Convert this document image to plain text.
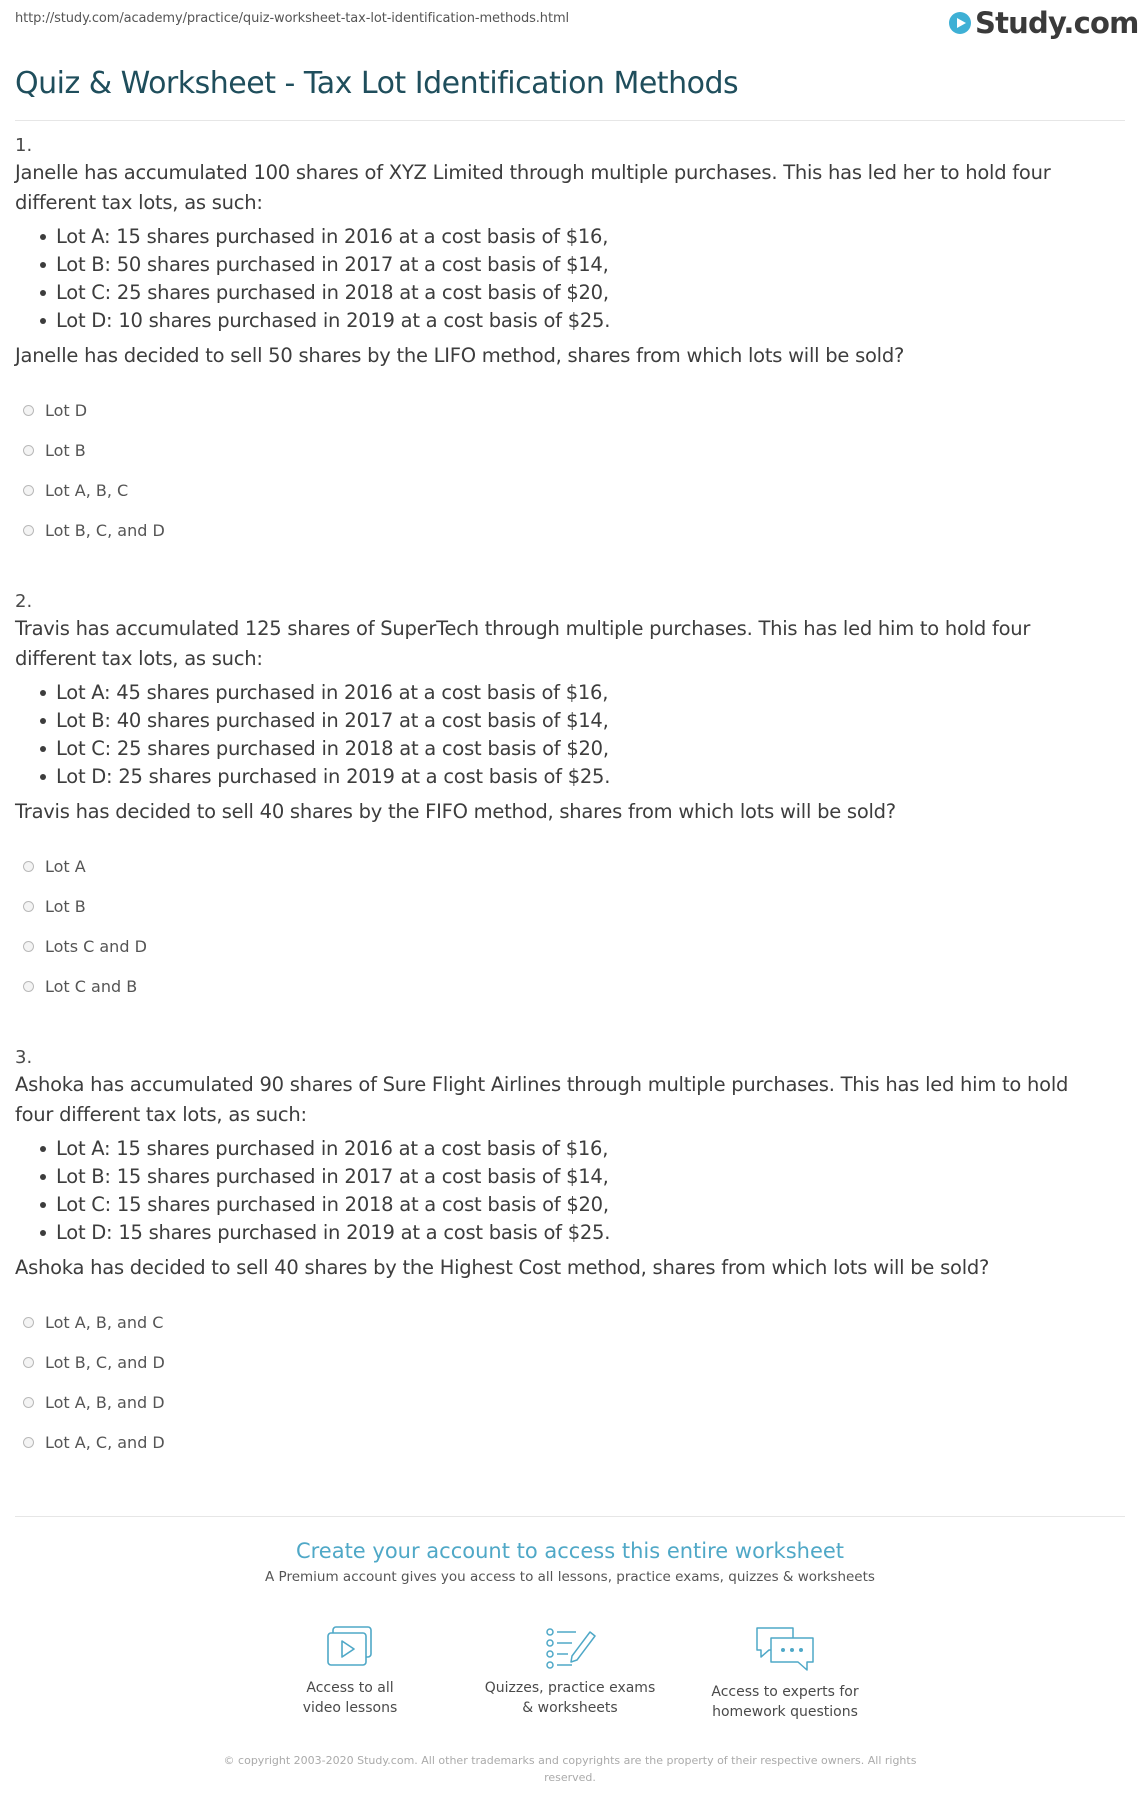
http://study.com/academy/practice/quiz-worksheet-tax-lot-identification-methods.html	Study.com
Quiz & Worksheet - Tax Lot Identification Methods
1.

Janelle has accumulated 100 shares of XYZ Limited through multiple purchases. This has led her to hold four

different tax lots, as such:

Lot A: 15 shares purchased in 2016 at a cost basis of $16,
Lot B: 50 shares purchased in 2017 at a cost basis of $14,
Lot C: 25 shares purchased in 2018 at a cost basis of $20,
Lot D: 10 shares purchased in 2019 at a cost basis of $25.

Janelle has decided to sell 50 shares by the LIFO method, shares from which lots will be sold?

Lot D
Lot B
Lot A, B, C
Lot B, C, and D
2.

Travis has accumulated 125 shares of SuperTech through multiple purchases. This has led him to hold four

different tax lots, as such:

Lot A: 45 shares purchased in 2016 at a cost basis of $16,
Lot B: 40 shares purchased in 2017 at a cost basis of $14,
Lot C: 25 shares purchased in 2018 at a cost basis of $20,
Lot D: 25 shares purchased in 2019 at a cost basis of $25.

Travis has decided to sell 40 shares by the FIFO method, shares from which lots will be sold?

Lot A
Lot B
Lots C and D
Lot C and B
3.

Ashoka has accumulated 90 shares of Sure Flight Airlines through multiple purchases. This has led him to hold

four different tax lots, as such:

Lot A: 15 shares purchased in 2016 at a cost basis of $16,
Lot B: 15 shares purchased in 2017 at a cost basis of $14,
Lot C: 15 shares purchased in 2018 at a cost basis of $20,
Lot D: 15 shares purchased in 2019 at a cost basis of $25.

Ashoka has decided to sell 40 shares by the Highest Cost method, shares from which lots will be sold?

Lot A, B, and C
Lot B, C, and D
Lot A, B, and D
Lot A, C, and D
Create your account to access this entire worksheet
A Premium account gives you access to all lessons, practice exams, quizzes & worksheets
Access to all
video lessons
Quizzes, practice exams
& worksheets
Access to experts for
homework questions
© copyright 2003-2020 Study.com. All other trademarks and copyrights are the property of their respective owners. All rights
reserved.
